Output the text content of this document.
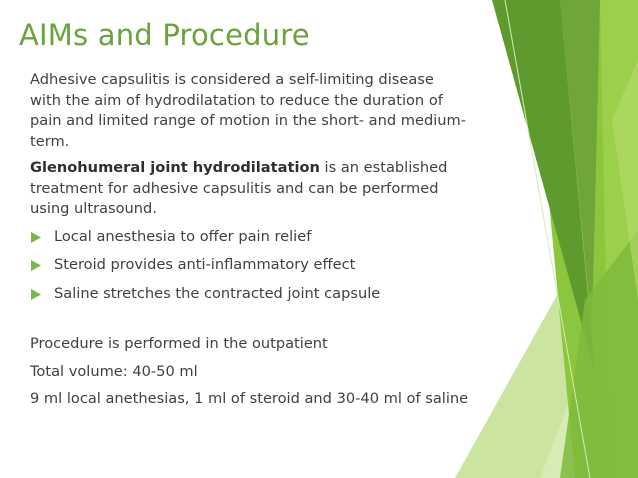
AIMs and Procedure

Adhesive capsulitis is considered a self-limiting disease
with the aim of hydrodilatation to reduce the duration of
pain and limited range of motion in the short- and medium-
term.

Glenohumeral joint hydrodilatation is an established
treatment for adhesive capsulitis and can be performed
using ultrasound.

Local anesthesia to offer pain relief
Steroid provides anti-inflammatory effect
Saline stretches the contracted joint capsule

Procedure is performed in the outpatient

Total volume: 40-50 ml

9 ml local anethesias, 1 ml of steroid and 30-40 ml of saline
